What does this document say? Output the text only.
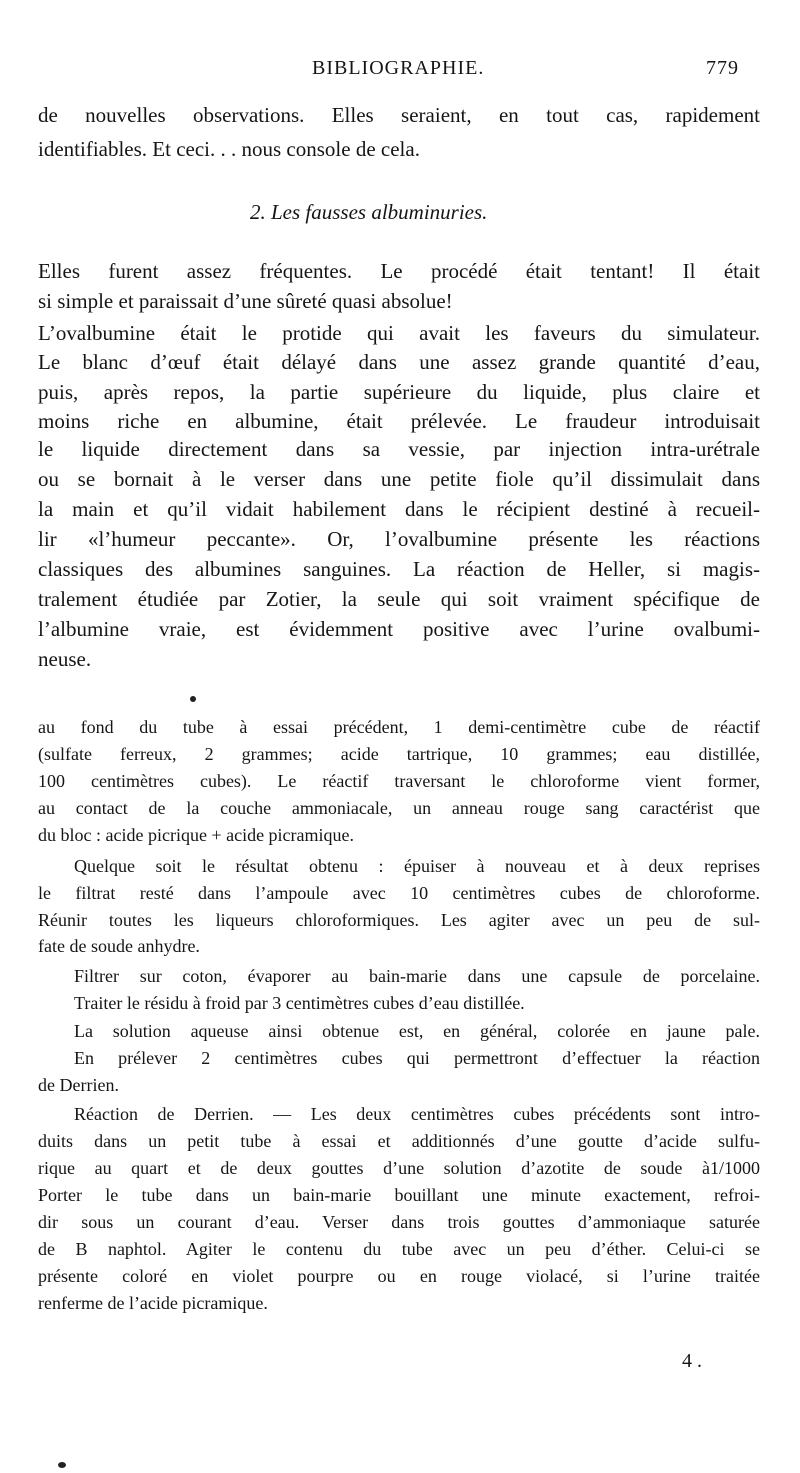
BIBLIOGRAPHIE.	779
de nouvelles observations. Elles seraient, en tout cas, rapidement
identifiables. Et ceci. . . nous console de cela.
2. Les fausses albuminuries.
Elles furent assez fréquentes. Le procédé était tentant! Il était
si simple et paraissait d’une sûreté quasi absolue!
L’ovalbumine était le protide qui avait les faveurs du simulateur.
Le blanc d’œuf était délayé dans une assez grande quantité d’eau,
puis, après repos, la partie supérieure du liquide, plus claire et
moins riche en albumine, était prélevée. Le fraudeur introduisait
le liquide directement dans sa vessie, par injection intra-urétrale
ou se bornait à le verser dans une petite fiole qu’il dissimulait dans
la main et qu’il vidait habilement dans le récipient destiné à recueil-
lir «l’humeur peccante». Or, l’ovalbumine présente les réactions
classiques des albumines sanguines. La réaction de Heller, si magis-
tralement étudiée par Zotier, la seule qui soit vraiment spécifique de
l’albumine vraie, est évidemment positive avec l’urine ovalbumi-
neuse.
au fond du tube à essai précédent, 1 demi-centimètre cube de réactif
(sulfate ferreux, 2 grammes; acide tartrique, 10 grammes; eau distillée,
100 centimètres cubes). Le réactif traversant le chloroforme vient former,
au contact de la couche ammoniacale, un anneau rouge sang caractérist que
du bloc : acide picrique + acide picramique.
Quelque soit le résultat obtenu : épuiser à nouveau et à deux reprises
le filtrat resté dans l’ampoule avec 10 centimètres cubes de chloroforme.
Réunir toutes les liqueurs chloroformiques. Les agiter avec un peu de sul-
fate de soude anhydre.
Filtrer sur coton, évaporer au bain-marie dans une capsule de porcelaine.
Traiter le résidu à froid par 3 centimètres cubes d’eau distillée.
La solution aqueuse ainsi obtenue est, en général, colorée en jaune pale.
En prélever 2 centimètres cubes qui permettront d’effectuer la réaction
de Derrien.
Réaction de Derrien. — Les deux centimètres cubes précédents sont intro-
duits dans un petit tube à essai et additionnés d’une goutte d’acide sulfu-
rique au quart et de deux gouttes d’une solution d’azotite de soude à1/1000
Porter le tube dans un bain-marie bouillant une minute exactement, refroi-
dir sous un courant d’eau. Verser dans trois gouttes d’ammoniaque saturée
de B naphtol. Agiter le contenu du tube avec un peu d’éther. Celui-ci se
présente coloré en violet pourpre ou en rouge violacé, si l’urine traitée
renferme de l’acide picramique.
4 .
